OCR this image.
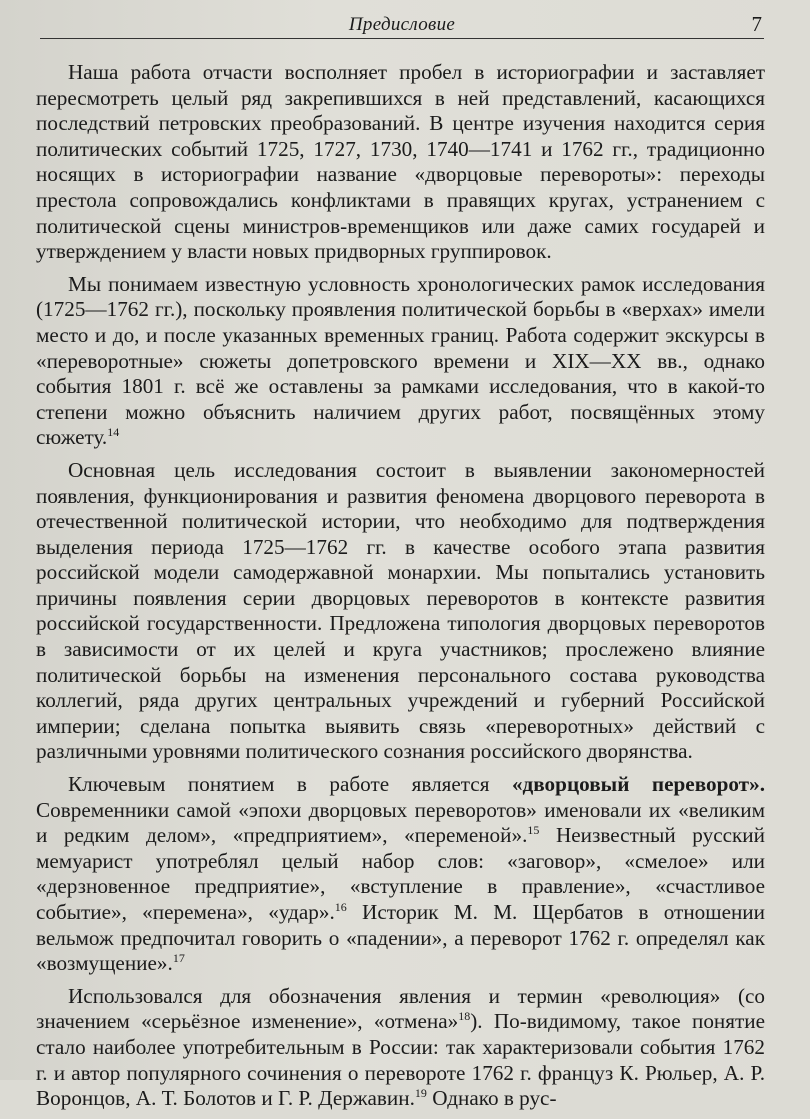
Предисловие	7

Наша работа отчасти восполняет пробел в историографии и заставляет пересмотреть целый ряд закрепившихся в ней представлений, касающихся последствий петровских преобразований. В центре изучения находится серия политических событий 1725, 1727, 1730, 1740—1741 и 1762 гг., традиционно носящих в историографии название «дворцовые перевороты»: переходы престола сопровождались конфликтами в правящих кругах, устранением с политической сцены министров-временщиков или даже самих государей и утверждением у власти новых придворных группировок.

Мы понимаем известную условность хронологических рамок исследования (1725—1762 гг.), поскольку проявления политической борьбы в «верхах» имели место и до, и после указанных временных границ. Работа содержит экскурсы в «переворотные» сюжеты допетровского времени и XIX—XX вв., однако события 1801 г. всё же оставлены за рамками исследования, что в какой-то степени можно объяснить наличием других работ, посвящённых этому сюжету.$^{14}$

Основная цель исследования состоит в выявлении закономерностей появления, функционирования и развития феномена дворцового переворота в отечественной политической истории, что необходимо для подтверждения выделения периода 1725—1762 гг. в качестве особого этапа развития российской модели самодержавной монархии. Мы попытались установить причины появления серии дворцовых переворотов в контексте развития российской государственности. Предложена типология дворцовых переворотов в зависимости от их целей и круга участников; прослежено влияние политической борьбы на изменения персонального состава руководства коллегий, ряда других центральных учреждений и губерний Российской империи; сделана попытка выявить связь «переворотных» действий с различными уровнями политического сознания российского дворянства.

Ключевым понятием в работе является «дворцовый переворот». Современники самой «эпохи дворцовых переворотов» именовали их «великим и редким делом», «предприятием», «переменой».$^{15}$ Неизвестный русский мемуарист употреблял целый набор слов: «заговор», «смелое» или «дерзновенное предприятие», «вступление в правление», «счастливое событие», «перемена», «удар».$^{16}$ Историк М. М. Щербатов в отношении вельмож предпочитал говорить о «падении», а переворот 1762 г. определял как «возмущение».$^{17}$

Использовался для обозначения явления и термин «революция» (со значением «серьёзное изменение», «отмена»$^{18}$). По-видимому, такое понятие стало наиболее употребительным в России: так характеризовали события 1762 г. и автор популярного сочинения о перевороте 1762 г. француз К. Рюльер, А. Р. Воронцов, А. Т. Болотов и Г. Р. Державин.$^{19}$ Однако в рус-
